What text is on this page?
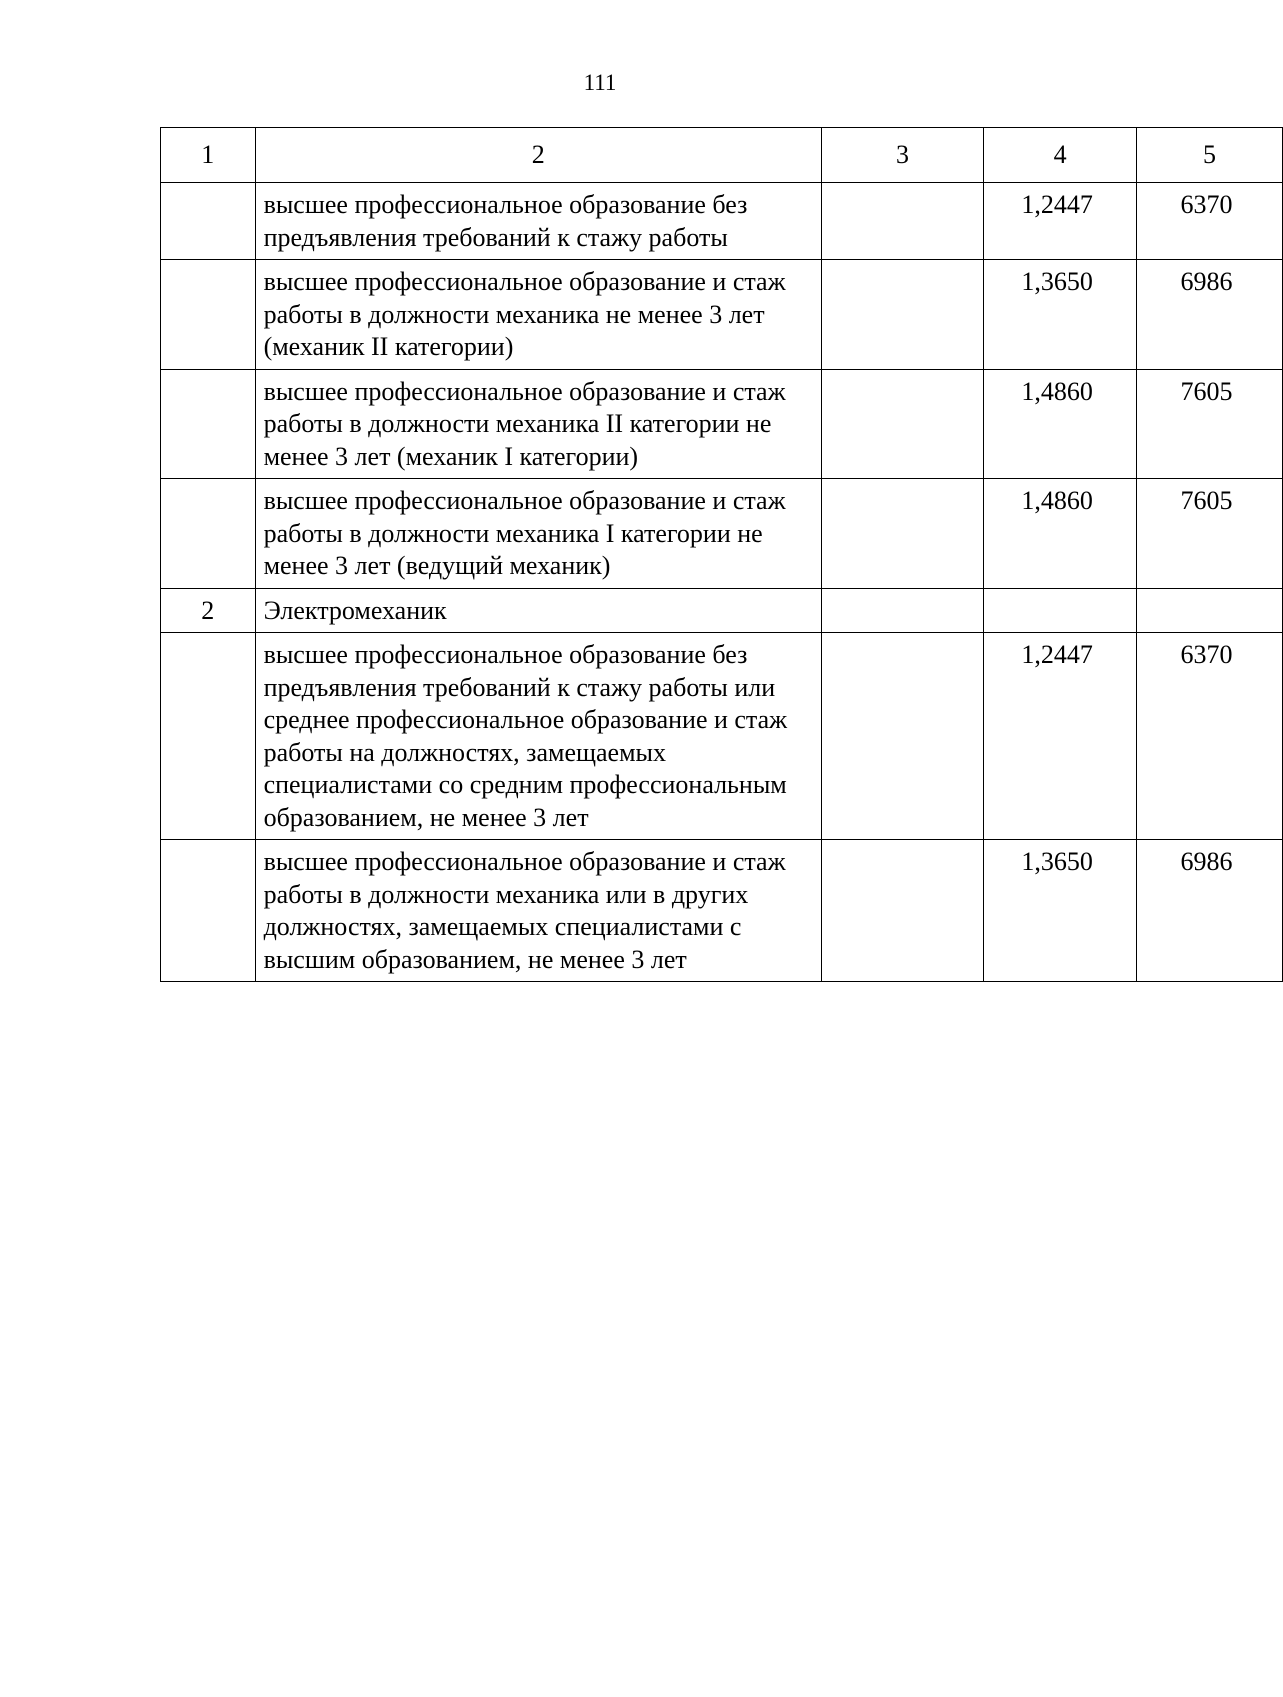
111
1	2	3	4	5
	высшее профессиональное образование без предъявления требований к стажу работы		1,2447	6370
	высшее профессиональное образование и стаж работы в должности механика не менее 3 лет (механик II категории)		1,3650	6986
	высшее профессиональное образование и стаж работы в должности механика II категории не менее 3 лет (механик I категории)		1,4860	7605
	высшее профессиональное образование и стаж работы в должности механика I категории не менее 3 лет (ведущий механик)		1,4860	7605
2	Электромеханик			
	высшее профессиональное образование без предъявления требований к стажу работы или среднее профессиональное образование и стаж работы на должностях, замещаемых специалистами со средним профессиональным образованием, не менее 3 лет		1,2447	6370
	высшее профессиональное образование и стаж работы в должности механика или в других должностях, замещаемых специалистами с высшим образованием, не менее 3 лет		1,3650	6986
